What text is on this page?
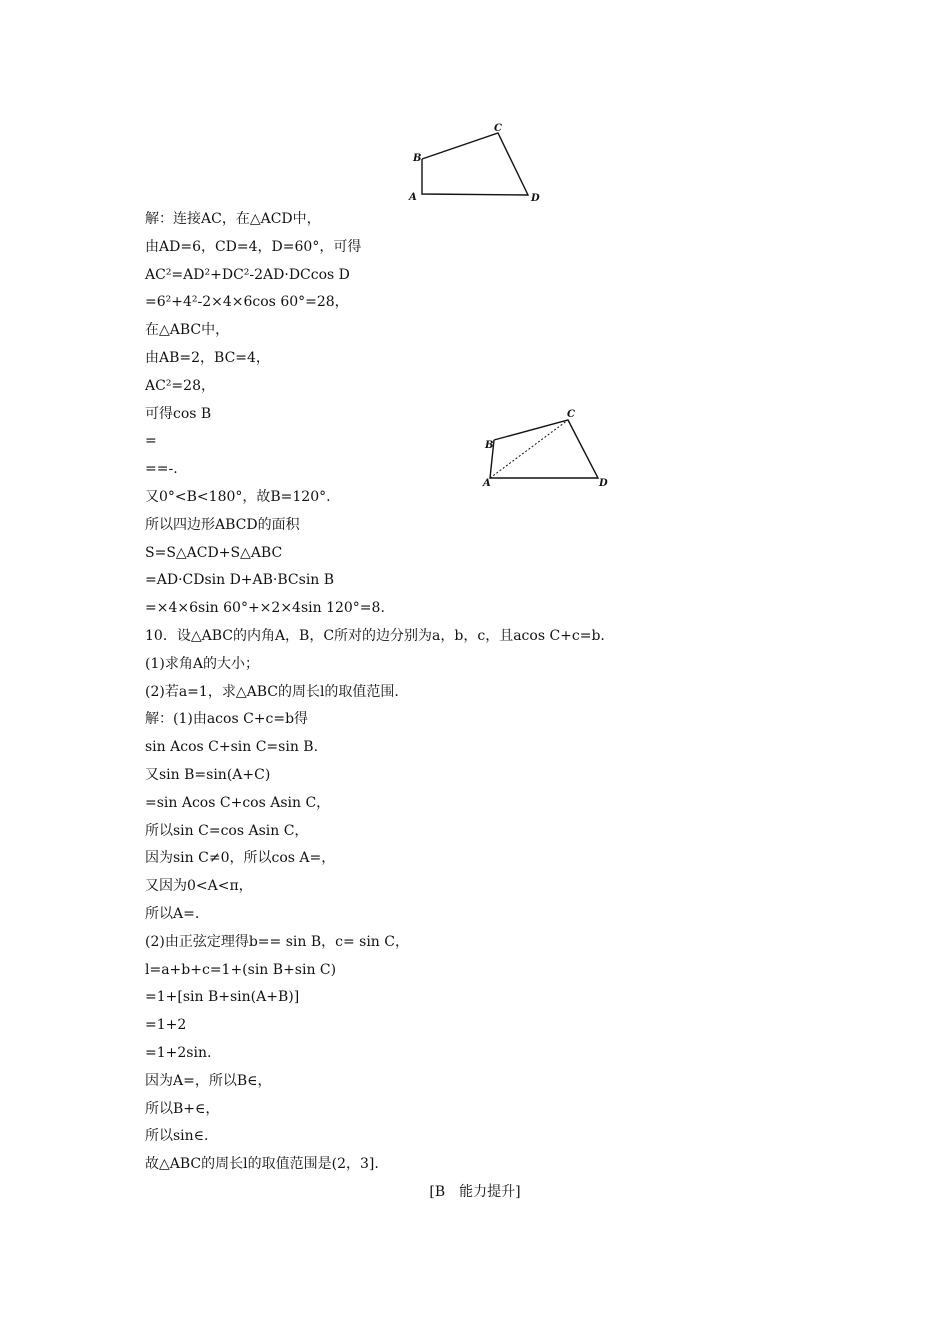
B
C
A	D
B
C
A	D
解：连接AC，在△ACD中，
由AD=6，CD=4，D=60°，可得
AC²=AD²+DC²-2AD·DCcos D
=6²+4²-2×4×6cos 60°=28，
在△ABC中，
由AB=2，BC=4，
AC²=28，
可得cos B
=
==-.
又0°<B<180°，故B=120°.
所以四边形ABCD的面积
S=S△ACD+S△ABC
=AD·CDsin D+AB·BCsin B
=×4×6sin 60°+×2×4sin 120°=8.
10．设△ABC的内角A，B，C所对的边分别为a，b，c，且acos C+c=b.
(1)求角A的大小；
(2)若a=1，求△ABC的周长l的取值范围.
解：(1)由acos C+c=b得
sin Acos C+sin C=sin B.
又sin B=sin(A+C)
=sin Acos C+cos Asin C，
所以sin C=cos Asin C，
因为sin C≠0，所以cos A=，
又因为0<A<π，
所以A=.
(2)由正弦定理得b== sin B，c= sin C，
l=a+b+c=1+(sin B+sin C)
=1+[sin B+sin(A+B)]
=1+2
=1+2sin.
因为A=，所以B∈，
所以B+∈，
所以sin∈.
故△ABC的周长l的取值范围是(2，3].
[B　能力提升]
